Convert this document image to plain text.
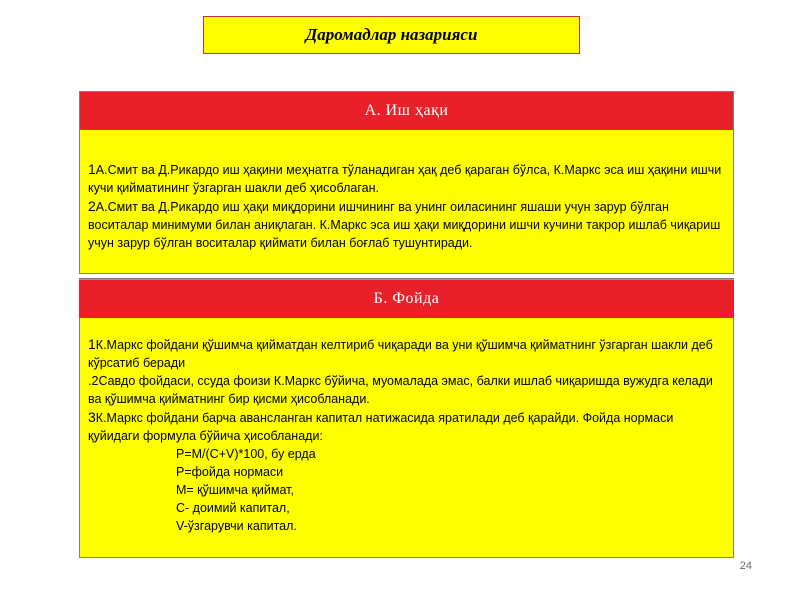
Даромадлар назарияси
А. Иш ҳақи

1А.Смит ва Д.Рикардо иш ҳақини меҳнатга тўланадиган ҳақ деб қараган бўлса, К.Маркс эса иш ҳақини ишчи кучи қийматининг ўзгарган шакли деб ҳисоблаган.

2А.Смит ва Д.Рикардо иш ҳақи миқдорини ишчининг ва унинг оиласининг яшаши учун зарур бўлган воситалар минимуми билан аниқлаган. К.Маркс эса иш ҳақи миқдорини ишчи кучини такрор ишлаб чиқариш учун зарур бўлган воситалар қиймати билан боғлаб тушунтиради.

Б. Фойда

1К.Маркс фойдани қўшимча қийматдан келтириб чиқаради ва уни қўшимча қийматнинг ўзгарган шакли деб кўрсатиб беради

.2Савдо фойдаси, ссуда фоизи К.Маркс бўйича, муомалада эмас, балки ишлаб чиқаришда вужудга келади ва қўшимча қийматнинг бир қисми ҳисобланади.

3К.Маркс фойдани барча авансланган капитал натижасида яратилади деб қарайди. Фойда нормаси қуйидаги формула бўйича ҳисобланади:

P=M/(C+V)*100, бу ерда

P=фойда нормаси

M= қўшимча қиймат,

C- доимий капитал,

V-ўзгарувчи капитал.

24
